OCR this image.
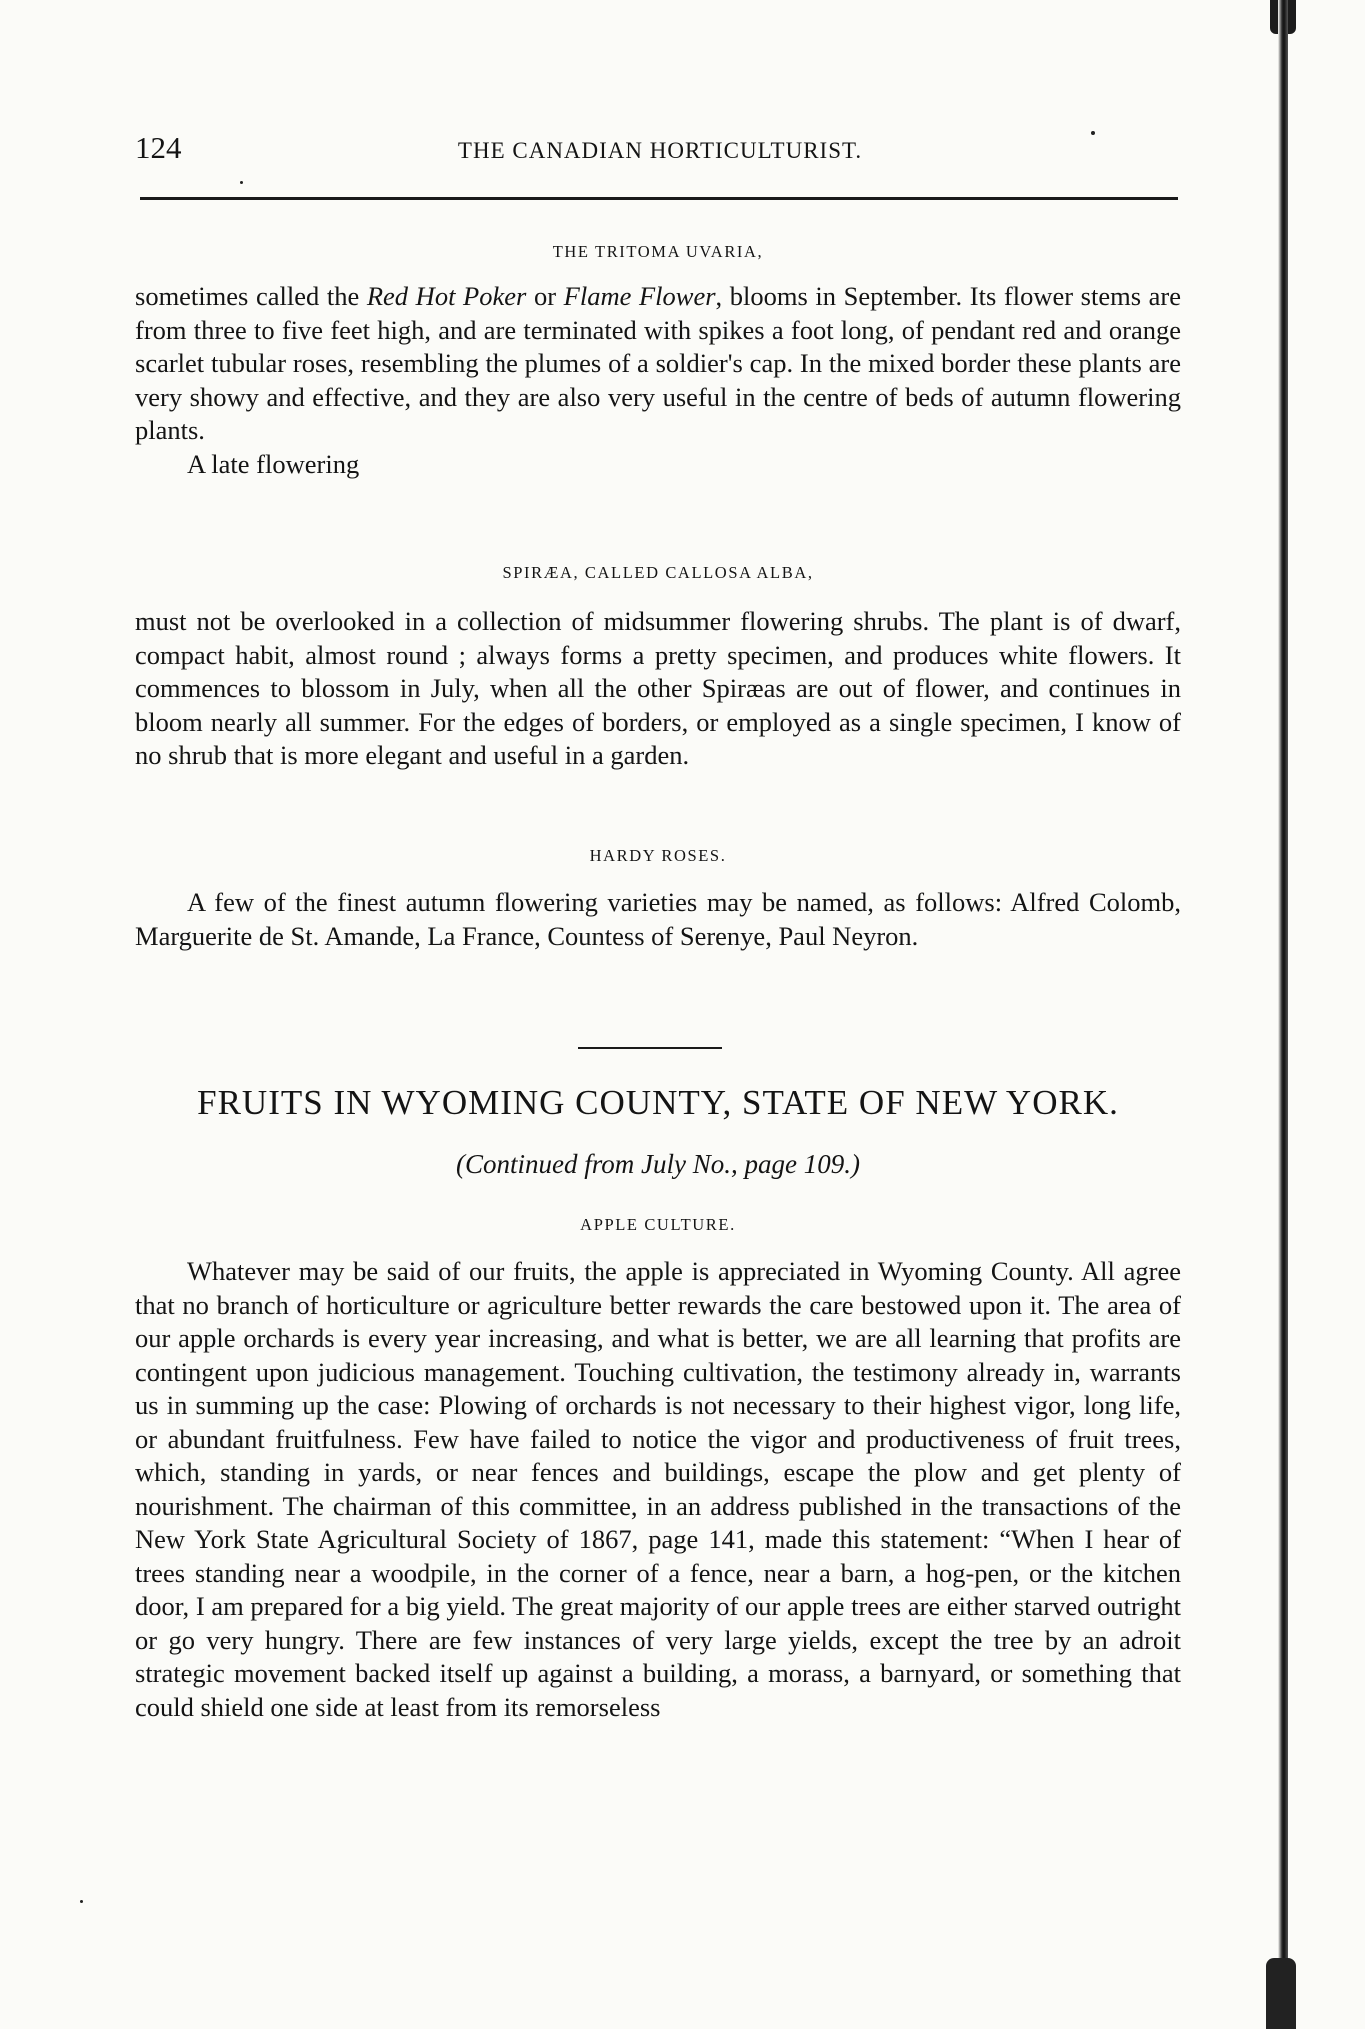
124	THE CANADIAN HORTICULTURIST.
THE TRITOMA UVARIA,

sometimes called the Red Hot Poker or Flame Flower, blooms in September. Its flower stems are from three to five feet high, and are terminated with spikes a foot long, of pendant red and orange scarlet tubular roses, resembling the plumes of a soldier's cap. In the mixed border these plants are very showy and effective, and they are also very useful in the centre of beds of autumn flowering plants.

A late flowering

SPIRÆA, CALLED CALLOSA ALBA,

must not be overlooked in a collection of midsummer flowering shrubs. The plant is of dwarf, compact habit, almost round ; always forms a pretty specimen, and produces white flowers. It commences to blossom in July, when all the other Spiræas are out of flower, and continues in bloom nearly all summer. For the edges of borders, or employed as a single specimen, I know of no shrub that is more elegant and useful in a garden.

HARDY ROSES.

A few of the finest autumn flowering varieties may be named, as follows: Alfred Colomb, Marguerite de St. Amande, La France, Countess of Serenye, Paul Neyron.

FRUITS IN WYOMING COUNTY, STATE OF NEW YORK.
(Continued from July No., page 109.)
APPLE CULTURE.

Whatever may be said of our fruits, the apple is appreciated in Wyoming County. All agree that no branch of horticulture or agriculture better rewards the care bestowed upon it. The area of our apple orchards is every year increasing, and what is better, we are all learning that profits are contingent upon judicious management. Touching cultivation, the testimony already in, warrants us in summing up the case: Plowing of orchards is not necessary to their highest vigor, long life, or abundant fruitfulness. Few have failed to notice the vigor and productiveness of fruit trees, which, standing in yards, or near fences and buildings, escape the plow and get plenty of nourishment. The chairman of this committee, in an address published in the transactions of the New York State Agricultural Society of 1867, page 141, made this statement: “When I hear of trees standing near a woodpile, in the corner of a fence, near a barn, a hog-pen, or the kitchen door, I am prepared for a big yield. The great majority of our apple trees are either starved outright or go very hungry. There are few instances of very large yields, except the tree by an adroit strategic movement backed itself up against a building, a morass, a barnyard, or something that could shield one side at least from its remorseless
